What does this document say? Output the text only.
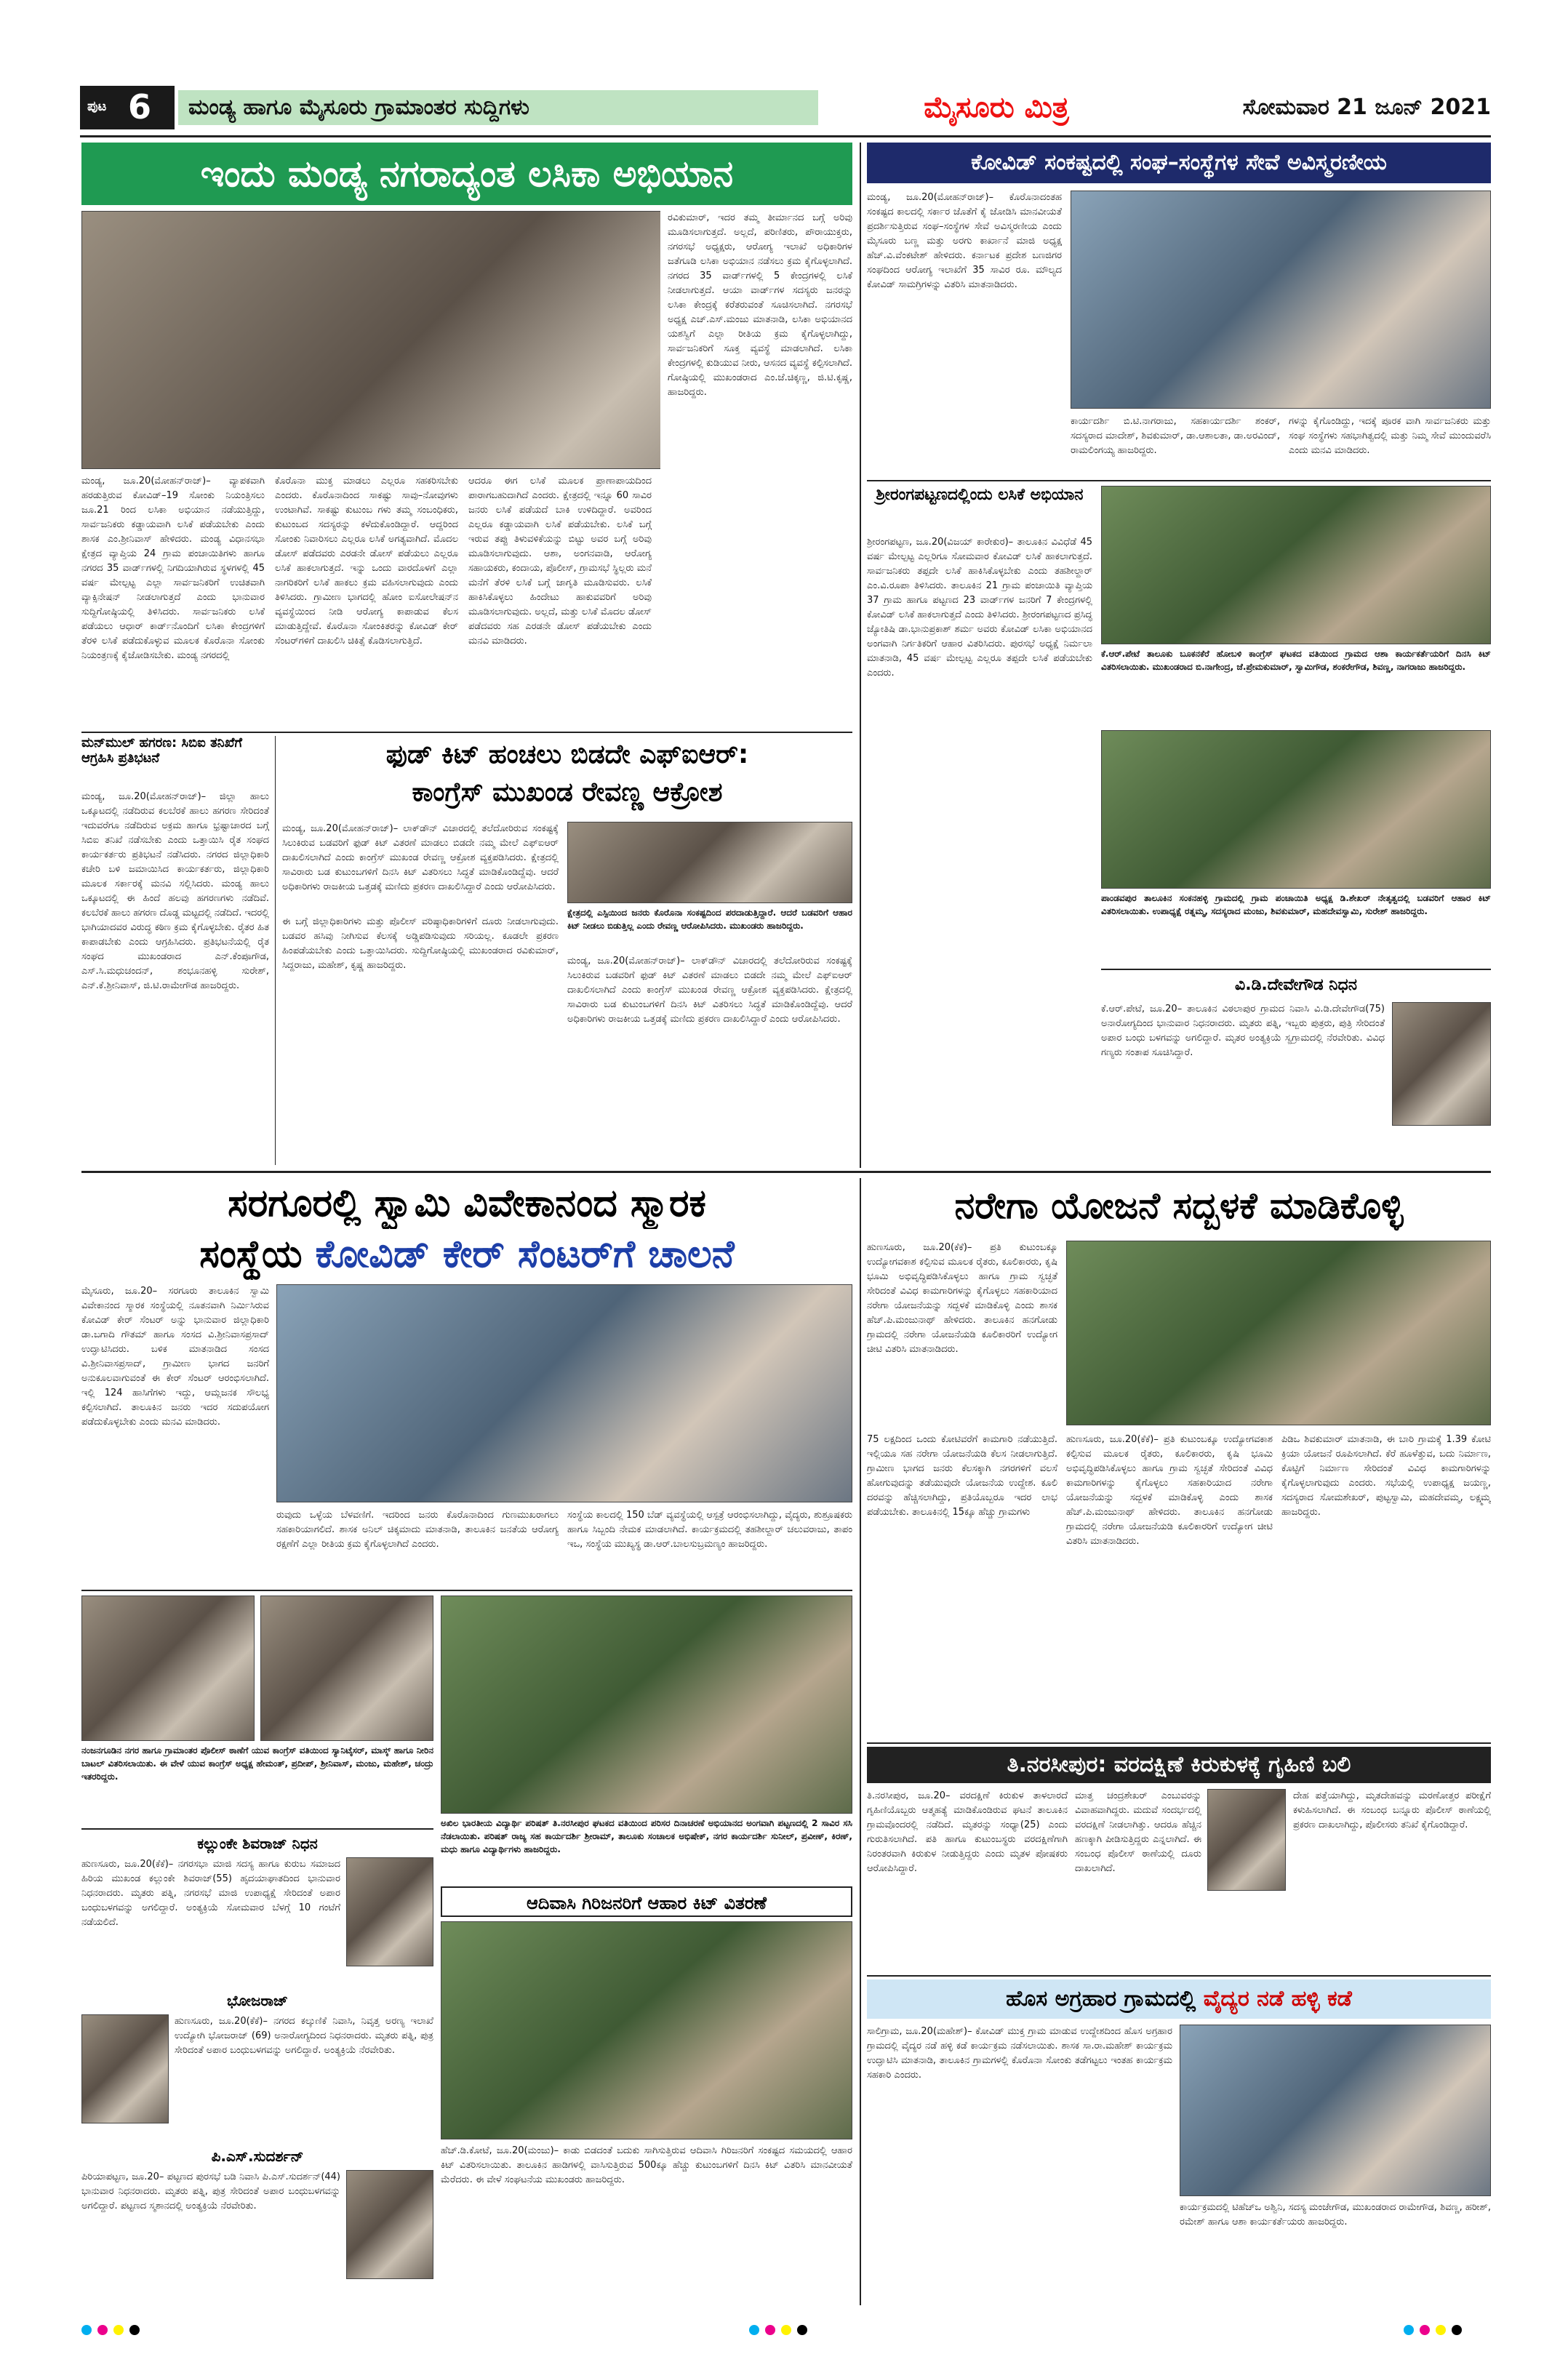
ಪುಟ 6	ಮಂಡ್ಯ ಹಾಗೂ ಮೈಸೂರು ಗ್ರಾಮಾಂತರ ಸುದ್ದಿಗಳು	ಮೈಸೂರು ಮಿತ್ರ	ಸೋಮವಾರ 21 ಜೂನ್ 2021
ಇಂದು ಮಂಡ್ಯ ನಗರಾದ್ಯಂತ ಲಸಿಕಾ ಅಭಿಯಾನ
ಮಂಡ್ಯ, ಜೂ.20(ಮೋಹನ್‌ರಾಜ್)– ವ್ಯಾಪಕವಾಗಿ ಹರಡುತ್ತಿರುವ ಕೋವಿಡ್–19 ಸೋಂಕು ನಿಯಂತ್ರಿಸಲು ಜೂ.21 ರಿಂದ ಲಸಿಕಾ ಅಭಿಯಾನ ನಡೆಯುತ್ತಿದ್ದು, ಸಾರ್ವಜನಿಕರು ಕಡ್ಡಾಯವಾಗಿ ಲಸಿಕೆ ಪಡೆಯಬೇಕು ಎಂದು ಶಾಸಕ ಎಂ.ಶ್ರೀನಿವಾಸ್ ಹೇಳಿದರು. ಮಂಡ್ಯ ವಿಧಾನಸಭಾ ಕ್ಷೇತ್ರದ ವ್ಯಾಪ್ತಿಯ 24 ಗ್ರಾಮ ಪಂಚಾಯಿತಿಗಳು ಹಾಗೂ ನಗರದ 35 ವಾರ್ಡ್‌ಗಳಲ್ಲಿ ನಿಗದಿಯಾಗಿರುವ ಸ್ಥಳಗಳಲ್ಲಿ 45 ವರ್ಷ ಮೇಲ್ಪಟ್ಟ ಎಲ್ಲಾ ಸಾರ್ವಜನಿಕರಿಗೆ ಉಚಿತವಾಗಿ ವ್ಯಾಕ್ಸಿನೇಷನ್ ನೀಡಲಾಗುತ್ತದೆ ಎಂದು ಭಾನುವಾರ ಸುದ್ದಿಗೋಷ್ಠಿಯಲ್ಲಿ ತಿಳಿಸಿದರು. ಸಾರ್ವಜನಿಕರು ಲಸಿಕೆ ಪಡೆಯಲು ಆಧಾರ್ ಕಾರ್ಡ್‌ನೊಂದಿಗೆ ಲಸಿಕಾ ಕೇಂದ್ರಗಳಿಗೆ ತೆರಳಿ ಲಸಿಕೆ ಪಡೆದುಕೊಳ್ಳುವ ಮೂಲಕ ಕೊರೊನಾ ಸೋಂಕು ನಿಯಂತ್ರಣಕ್ಕೆ ಕೈಜೋಡಿಸಬೇಕು. ಮಂಡ್ಯ ನಗರದಲ್ಲಿ
ಕೊರೊನಾ ಮುಕ್ತ ಮಾಡಲು ಎಲ್ಲರೂ ಸಹಕರಿಸಬೇಕು ಎಂದರು. ಕೊರೊನಾದಿಂದ ಸಾಕಷ್ಟು ಸಾವು–ನೋವುಗಳು ಉಂಟಾಗಿವೆ. ಸಾಕಷ್ಟು ಕುಟುಂಬ ಗಳು ತಮ್ಮ ಸಂಬಂಧಿಕರು, ಕುಟುಂಬದ ಸದಸ್ಯರನ್ನು ಕಳೆದುಕೊಂಡಿದ್ದಾರೆ. ಆದ್ದರಿಂದ ಸೋಂಕು ನಿವಾರಿಸಲು ಎಲ್ಲರೂ ಲಸಿಕೆ ಅಗತ್ಯವಾಗಿದೆ. ಮೊದಲ ಡೋಸ್ ಪಡೆದವರು ಎರಡನೇ ಡೋಸ್ ಪಡೆಯಲು ಎಲ್ಲರೂ ಲಸಿಕೆ ಹಾಕಲಾಗುತ್ತದೆ. ಇನ್ನು ಒಂದು ವಾರದೊಳಗೆ ಎಲ್ಲಾ ನಾಗರಿಕರಿಗೆ ಲಸಿಕೆ ಹಾಕಲು ಕ್ರಮ ವಹಿಸಲಾಗುವುದು ಎಂದು ತಿಳಿಸಿದರು. ಗ್ರಾಮೀಣ ಭಾಗದಲ್ಲಿ ಹೋಂ ಐಸೋಲೇಷನ್‌ನ ವ್ಯವಸ್ಥೆಯಿಂದ ನೀಡಿ ಆರೋಗ್ಯ ಕಾಪಾಡುವ ಕೆಲಸ ಮಾಡುತ್ತಿದ್ದೇವೆ. ಕೊರೊನಾ ಸೋಂಕಿತರನ್ನು ಕೋವಿಡ್ ಕೇರ್ ಸೆಂಟರ್‌ಗಳಿಗೆ ದಾಖಲಿಸಿ ಚಿಕಿತ್ಸೆ ಕೊಡಿಸಲಾಗುತ್ತಿದೆ.
ಆದರೂ ಈಗ ಲಸಿಕೆ ಮೂಲಕ ಪ್ರಾಣಾಪಾಯದಿಂದ ಪಾರಾಗಬಹುದಾಗಿದೆ ಎಂದರು. ಕ್ಷೇತ್ರದಲ್ಲಿ ಇನ್ನೂ 60 ಸಾವಿರ ಜನರು ಲಸಿಕೆ ಪಡೆಯದೆ ಬಾಕಿ ಉಳಿದಿದ್ದಾರೆ. ಅವರಿಂದ ಎಲ್ಲರೂ ಕಡ್ಡಾಯವಾಗಿ ಲಸಿಕೆ ಪಡೆಯಬೇಕು. ಲಸಿಕೆ ಬಗ್ಗೆ ಇರುವ ತಪ್ಪು ತಿಳುವಳಿಕೆಯನ್ನು ಬಿಟ್ಟು ಅವರ ಬಗ್ಗೆ ಅರಿವು ಮೂಡಿಸಲಾಗುವುದು. ಆಶಾ, ಅಂಗನವಾಡಿ, ಆರೋಗ್ಯ ಸಹಾಯಕರು, ಕಂದಾಯ, ಪೊಲೀಸ್, ಗ್ರಾಮಸಭೆ ಸ್ಥಿಲ್ಲರು ಮನೆ ಮನೆಗೆ ತೆರಳಿ ಲಸಿಕೆ ಬಗ್ಗೆ ಜಾಗೃತಿ ಮೂಡಿಸುವರು. ಲಸಿಕೆ ಹಾಕಿಸಿಕೊಳ್ಳಲು ಹಿಂದೇಟು ಹಾಕುವವರಿಗೆ ಅರಿವು ಮೂಡಿಸಲಾಗುವುದು. ಅಲ್ಲದೆ, ಮತ್ತು ಲಸಿಕೆ ಮೊದಲ ಡೋಸ್ ಪಡೆದವರು ಸಹ ಎರಡನೇ ಡೋಸ್ ಪಡೆಯಬೇಕು ಎಂದು ಮನವಿ ಮಾಡಿದರು.
ರವಿಕುಮಾರ್, ಇದರ ತಮ್ಮ ತೀರ್ಮಾನದ ಬಗ್ಗೆ ಅರಿವು ಮೂಡಿಸಲಾಗುತ್ತದೆ. ಅಲ್ಲದೆ, ಪರಿಣಿತರು, ಪೌರಾಯುಕ್ತರು, ನಗರಸಭೆ ಅಧ್ಯಕ್ಷರು, ಆರೋಗ್ಯ ಇಲಾಖೆ ಅಧಿಕಾರಿಗಳ ಜತೆಗೂಡಿ ಲಸಿಕಾ ಅಭಿಯಾನ ನಡೆಸಲು ಕ್ರಮ ಕೈಗೊಳ್ಳಲಾಗಿದೆ. ನಗರದ 35 ವಾರ್ಡ್‌ಗಳಲ್ಲಿ 5 ಕೇಂದ್ರಗಳಲ್ಲಿ ಲಸಿಕೆ ನೀಡಲಾಗುತ್ತದೆ. ಆಯಾ ವಾರ್ಡ್‌ಗಳ ಸದಸ್ಯರು ಜನರನ್ನು ಲಸಿಕಾ ಕೇಂದ್ರಕ್ಕೆ ಕರೆತರುವಂತೆ ಸೂಚಿಸಲಾಗಿದೆ. ನಗರಸಭೆ ಅಧ್ಯಕ್ಷ ಎಚ್.ಎಸ್.ಮಂಜು ಮಾತನಾಡಿ, ಲಸಿಕಾ ಅಭಿಯಾನದ ಯಶಸ್ವಿಗೆ ಎಲ್ಲಾ ರೀತಿಯ ಕ್ರಮ ಕೈಗೊಳ್ಳಲಾಗಿದ್ದು, ಸಾರ್ವಜನಿಕರಿಗೆ ಸೂಕ್ತ ವ್ಯವಸ್ಥೆ ಮಾಡಲಾಗಿದೆ. ಲಸಿಕಾ ಕೇಂದ್ರಗಳಲ್ಲಿ ಕುಡಿಯುವ ನೀರು, ಆಸನದ ವ್ಯವಸ್ಥೆ ಕಲ್ಪಿಸಲಾಗಿದೆ. ಗೋಷ್ಠಿಯಲ್ಲಿ ಮುಖಂಡರಾದ ಎಂ.ಜೆ.ಚಿಕ್ಕಣ್ಣ, ಜಿ.ಟಿ.ಕೃಷ್ಣ, ಹಾಜರಿದ್ದರು.
ಕೋವಿಡ್ ಸಂಕಷ್ಟದಲ್ಲಿ ಸಂಘ–ಸಂಸ್ಥೆಗಳ ಸೇವೆ ಅವಿಸ್ಮರಣೀಯ
ಮಂಡ್ಯ, ಜೂ.20(ಮೋಹನ್‌ರಾಜ್)– ಕೊರೊನಾದಂತಹ ಸಂಕಷ್ಟದ ಕಾಲದಲ್ಲಿ ಸರ್ಕಾರ ಜೊತೆಗೆ ಕೈ ಜೋಡಿಸಿ ಮಾನವೀಯತೆ ಪ್ರದರ್ಶಿಸುತ್ತಿರುವ ಸಂಘ–ಸಂಸ್ಥೆಗಳ ಸೇವೆ ಅವಿಸ್ಮರಣೀಯ ಎಂದು ಮೈಸೂರು ಬಣ್ಣ ಮತ್ತು ಅರಗು ಕಾರ್ಖಾನೆ ಮಾಜಿ ಅಧ್ಯಕ್ಷ ಹೆಚ್.ವಿ.ವೆಂಕಟೇಶ್ ಹೇಳಿದರು. ಕರ್ನಾಟಕ ಪ್ರದೇಶ ಬಣಜಿಗರ ಸಂಘದಿಂದ ಆರೋಗ್ಯ ಇಲಾಖೆಗೆ 35 ಸಾವಿರ ರೂ. ಮೌಲ್ಯದ ಕೋವಿಡ್ ಸಾಮಗ್ರಿಗಳನ್ನು ವಿತರಿಸಿ ಮಾತನಾಡಿದರು.
ಕಾರ್ಯದರ್ಶಿ ಬಿ.ಟಿ.ನಾಗರಾಜು, ಸಹಕಾರ್ಯದರ್ಶಿ ಶಂಕರ್, ಸದಸ್ಯರಾದ ಮಾದೇಶ್, ಶಿವಕುಮಾರ್, ಡಾ.ಆಶಾಲತಾ, ಡಾ.ಅರವಿಂದ್, ರಾಮಲಿಂಗಯ್ಯ ಹಾಜರಿದ್ದರು.
ಗಳನ್ನು ಕೈಗೊಂಡಿದ್ದು, ಇದಕ್ಕೆ ಪೂರಕ ವಾಗಿ ಸಾರ್ವಜನಿಕರು ಮತ್ತು ಸಂಘ ಸಂಸ್ಥೆಗಳು ಸಹಭಾಗಿತ್ವದಲ್ಲಿ ಮತ್ತು ನಿಮ್ಮ ಸೇವೆ ಮುಂದುವರೆಸಿ ಎಂದು ಮನವಿ ಮಾಡಿದರು.
ಶ್ರೀರಂಗಪಟ್ಟಣದಲ್ಲಿಂದು ಲಸಿಕೆ ಅಭಿಯಾನ
ಶ್ರೀರಂಗಪಟ್ಟಣ, ಜೂ.20(ವಿಜಯ್ ಕಾರೇಕುರ)– ತಾಲೂಕಿನ ವಿವಿಧೆಡೆ 45 ವರ್ಷ ಮೇಲ್ಪಟ್ಟ ಎಲ್ಲರಿಗೂ ಸೋಮವಾರ ಕೋವಿಡ್ ಲಸಿಕೆ ಹಾಕಲಾಗುತ್ತದೆ. ಸಾರ್ವಜನಿಕರು ತಪ್ಪದೇ ಲಸಿಕೆ ಹಾಕಿಸಿಕೊಳ್ಳಬೇಕು ಎಂದು ತಹಶೀಲ್ದಾರ್ ಎಂ.ವಿ.ರೂಪಾ ತಿಳಿಸಿದರು. ತಾಲೂಕಿನ 21 ಗ್ರಾಮ ಪಂಚಾಯಿತಿ ವ್ಯಾಪ್ತಿಯ 37 ಗ್ರಾಮ ಹಾಗೂ ಪಟ್ಟಣದ 23 ವಾರ್ಡ್‌ಗಳ ಜನರಿಗೆ 7 ಕೇಂದ್ರಗಳಲ್ಲಿ ಕೋವಿಡ್ ಲಸಿಕೆ ಹಾಕಲಾಗುತ್ತದೆ ಎಂದು ತಿಳಿಸಿದರು. ಶ್ರೀರಂಗಪಟ್ಟಣದ ಪ್ರಸಿದ್ಧ ಜ್ಯೋತಿಷಿ ಡಾ.ಭಾನುಪ್ರಕಾಶ್ ಶರ್ಮ ಅವರು ಕೋವಿಡ್ ಲಸಿಕಾ ಅಭಿಯಾನದ ಅಂಗವಾಗಿ ನಿರ್ಗತಿಕರಿಗೆ ಆಹಾರ ವಿತರಿಸಿದರು. ಪುರಸಭೆ ಅಧ್ಯಕ್ಷೆ ನಿರ್ಮಲಾ ಮಾತನಾಡಿ, 45 ವರ್ಷ ಮೇಲ್ಪಟ್ಟ ಎಲ್ಲರೂ ತಪ್ಪದೇ ಲಸಿಕೆ ಪಡೆಯಬೇಕು ಎಂದರು.
ಕೆ.ಆರ್.ಪೇಟೆ ತಾಲೂಕು ಬೂಕನಕೆರೆ ಹೋಬಳಿ ಕಾಂಗ್ರೆಸ್ ಘಟಕದ ವತಿಯಿಂದ ಗ್ರಾಮದ ಆಶಾ ಕಾರ್ಯಕರ್ತೆಯರಿಗೆ ದಿನಸಿ ಕಿಟ್ ವಿತರಿಸಲಾಯಿತು. ಮುಖಂಡರಾದ ಬಿ.ನಾಗೇಂದ್ರ, ಜೆ.ಪ್ರೇಮಕುಮಾರ್, ಸ್ವಾಮಿಗೌಡ, ಶಂಕರೇಗೌಡ, ಶಿವಣ್ಣ, ನಾಗರಾಜು ಹಾಜರಿದ್ದರು.
ಪಾಂಡವಪುರ ತಾಲೂಕಿನ ಸಂಕನಹಳ್ಳಿ ಗ್ರಾಮದಲ್ಲಿ ಗ್ರಾಮ ಪಂಚಾಯಿತಿ ಅಧ್ಯಕ್ಷ ಡಿ.ಶೇಖರ್ ನೇತೃತ್ವದಲ್ಲಿ ಬಡವರಿಗೆ ಆಹಾರ ಕಿಟ್ ವಿತರಿಸಲಾಯಿತು. ಉಪಾಧ್ಯಕ್ಷೆ ರತ್ನಮ್ಮ, ಸದಸ್ಯರಾದ ಮಂಜು, ಶಿವಕುಮಾರ್, ಮಹದೇವಸ್ವಾಮಿ, ಸುರೇಶ್ ಹಾಜರಿದ್ದರು.
ವಿ.ಡಿ.ದೇವೇಗೌಡ ನಿಧನ
ಕೆ.ಆರ್.ಪೇಟೆ, ಜೂ.20– ತಾಲೂಕಿನ ವಿಠಲಾಪುರ ಗ್ರಾಮದ ನಿವಾಸಿ ವಿ.ಡಿ.ದೇವೇಗೌಡ(75) ಅನಾರೋಗ್ಯದಿಂದ ಭಾನುವಾರ ನಿಧನರಾದರು. ಮೃತರು ಪತ್ನಿ, ಇಬ್ಬರು ಪುತ್ರರು, ಪುತ್ರಿ ಸೇರಿದಂತೆ ಅಪಾರ ಬಂಧು ಬಳಗವನ್ನು ಅಗಲಿದ್ದಾರೆ. ಮೃತರ ಅಂತ್ಯಕ್ರಿಯೆ ಸ್ವಗ್ರಾಮದಲ್ಲಿ ನೆರವೇರಿತು. ವಿವಿಧ ಗಣ್ಯರು ಸಂತಾಪ ಸೂಚಿಸಿದ್ದಾರೆ.
ಮನ್‌ಮುಲ್ ಹಗರಣ: ಸಿಬಿಐ ತನಿಖೆಗೆ ಆಗ್ರಹಿಸಿ ಪ್ರತಿಭಟನೆ
ಮಂಡ್ಯ, ಜೂ.20(ಮೋಹನ್‌ರಾಜ್)– ಜಿಲ್ಲಾ ಹಾಲು ಒಕ್ಕೂಟದಲ್ಲಿ ನಡೆದಿರುವ ಕಲಬೆರಕೆ ಹಾಲು ಹಗರಣ ಸೇರಿದಂತೆ ಇದುವರೆಗೂ ನಡೆದಿರುವ ಅಕ್ರಮ ಹಾಗೂ ಭ್ರಷ್ಟಾಚಾರದ ಬಗ್ಗೆ ಸಿಬಿಐ ತನಿಖೆ ನಡೆಸಬೇಕು ಎಂದು ಒತ್ತಾಯಿಸಿ ರೈತ ಸಂಘದ ಕಾರ್ಯಕರ್ತರು ಪ್ರತಿಭಟನೆ ನಡೆಸಿದರು. ನಗರದ ಜಿಲ್ಲಾಧಿಕಾರಿ ಕಚೇರಿ ಬಳಿ ಜಮಾಯಿಸಿದ ಕಾರ್ಯಕರ್ತರು, ಜಿಲ್ಲಾಧಿಕಾರಿ ಮೂಲಕ ಸರ್ಕಾರಕ್ಕೆ ಮನವಿ ಸಲ್ಲಿಸಿದರು. ಮಂಡ್ಯ ಹಾಲು ಒಕ್ಕೂಟದಲ್ಲಿ ಈ ಹಿಂದೆ ಹಲವು ಹಗರಣಗಳು ನಡೆದಿವೆ. ಕಲಬೆರಕೆ ಹಾಲು ಹಗರಣ ದೊಡ್ಡ ಮಟ್ಟದಲ್ಲಿ ನಡೆದಿದೆ. ಇದರಲ್ಲಿ ಭಾಗಿಯಾದವರ ವಿರುದ್ಧ ಕಠಿಣ ಕ್ರಮ ಕೈಗೊಳ್ಳಬೇಕು. ರೈತರ ಹಿತ ಕಾಪಾಡಬೇಕು ಎಂದು ಆಗ್ರಹಿಸಿದರು. ಪ್ರತಿಭಟನೆಯಲ್ಲಿ ರೈತ ಸಂಘದ ಮುಖಂಡರಾದ ಎನ್.ಕೆಂಪೂಗೌಡ, ಎಸ್.ಸಿ.ಮಧುಚಂದನ್, ಶಂಭೂನಹಳ್ಳಿ ಸುರೇಶ್, ಎನ್.ಕೆ.ಶ್ರೀನಿವಾಸ್, ಜಿ.ಟಿ.ರಾಮೇಗೌಡ ಹಾಜರಿದ್ದರು.
ಫುಡ್ ಕಿಟ್ ಹಂಚಲು ಬಿಡದೇ ಎಫ್‌ಐಆರ್:
ಕಾಂಗ್ರೆಸ್ ಮುಖಂಡ ರೇವಣ್ಣ ಆಕ್ರೋಶ
ಮಂಡ್ಯ, ಜೂ.20(ಮೋಹನ್‌ರಾಜ್)– ಲಾಕ್‌ಡೌನ್ ವಿಚಾರದಲ್ಲಿ ತಲೆದೋರಿರುವ ಸಂಕಷ್ಟಕ್ಕೆ ಸಿಲುಕಿರುವ ಬಡವರಿಗೆ ಫುಡ್ ಕಿಟ್ ವಿತರಣೆ ಮಾಡಲು ಬಿಡದೇ ನಮ್ಮ ಮೇಲೆ ಎಫ್‌ಐಆರ್ ದಾಖಲಿಸಲಾಗಿದೆ ಎಂದು ಕಾಂಗ್ರೆಸ್ ಮುಖಂಡ ರೇವಣ್ಣ ಆಕ್ರೋಶ ವ್ಯಕ್ತಪಡಿಸಿದರು. ಕ್ಷೇತ್ರದಲ್ಲಿ ಸಾವಿರಾರು ಬಡ ಕುಟುಂಬಗಳಿಗೆ ದಿನಸಿ ಕಿಟ್ ವಿತರಿಸಲು ಸಿದ್ಧತೆ ಮಾಡಿಕೊಂಡಿದ್ದೆವು. ಆದರೆ ಅಧಿಕಾರಿಗಳು ರಾಜಕೀಯ ಒತ್ತಡಕ್ಕೆ ಮಣಿದು ಪ್ರಕರಣ ದಾಖಲಿಸಿದ್ದಾರೆ ಎಂದು ಆರೋಪಿಸಿದರು.
ಕ್ಷೇತ್ರದಲ್ಲಿ ಎಸ್ಪಿಯಿಂದ ಜನರು ಕೊರೊನಾ ಸಂಕಷ್ಟದಿಂದ ಪರದಾಡುತ್ತಿದ್ದಾರೆ. ಆದರೆ ಬಡವರಿಗೆ ಆಹಾರ ಕಿಟ್ ನೀಡಲು ಬಿಡುತ್ತಿಲ್ಲ ಎಂದು ರೇವಣ್ಣ ಆರೋಪಿಸಿದರು. ಮುಖಂಡರು ಹಾಜರಿದ್ದರು.
ಈ ಬಗ್ಗೆ ಜಿಲ್ಲಾಧಿಕಾರಿಗಳು ಮತ್ತು ಪೊಲೀಸ್ ವರಿಷ್ಠಾಧಿಕಾರಿಗಳಿಗೆ ದೂರು ನೀಡಲಾಗುವುದು. ಬಡವರ ಹಸಿವು ನೀಗಿಸುವ ಕೆಲಸಕ್ಕೆ ಅಡ್ಡಿಪಡಿಸುವುದು ಸರಿಯಲ್ಲ. ಕೂಡಲೇ ಪ್ರಕರಣ ಹಿಂಪಡೆಯಬೇಕು ಎಂದು ಒತ್ತಾಯಿಸಿದರು. ಸುದ್ದಿಗೋಷ್ಠಿಯಲ್ಲಿ ಮುಖಂಡರಾದ ರವಿಕುಮಾರ್, ಸಿದ್ದರಾಜು, ಮಹೇಶ್, ಕೃಷ್ಣ ಹಾಜರಿದ್ದರು.	ಮಂಡ್ಯ, ಜೂ.20(ಮೋಹನ್‌ರಾಜ್)– ಲಾಕ್‌ಡೌನ್ ವಿಚಾರದಲ್ಲಿ ತಲೆದೋರಿರುವ ಸಂಕಷ್ಟಕ್ಕೆ ಸಿಲುಕಿರುವ ಬಡವರಿಗೆ ಫುಡ್ ಕಿಟ್ ವಿತರಣೆ ಮಾಡಲು ಬಿಡದೇ ನಮ್ಮ ಮೇಲೆ ಎಫ್‌ಐಆರ್ ದಾಖಲಿಸಲಾಗಿದೆ ಎಂದು ಕಾಂಗ್ರೆಸ್ ಮುಖಂಡ ರೇವಣ್ಣ ಆಕ್ರೋಶ ವ್ಯಕ್ತಪಡಿಸಿದರು. ಕ್ಷೇತ್ರದಲ್ಲಿ ಸಾವಿರಾರು ಬಡ ಕುಟುಂಬಗಳಿಗೆ ದಿನಸಿ ಕಿಟ್ ವಿತರಿಸಲು ಸಿದ್ಧತೆ ಮಾಡಿಕೊಂಡಿದ್ದೆವು. ಆದರೆ ಅಧಿಕಾರಿಗಳು ರಾಜಕೀಯ ಒತ್ತಡಕ್ಕೆ ಮಣಿದು ಪ್ರಕರಣ ದಾಖಲಿಸಿದ್ದಾರೆ ಎಂದು ಆರೋಪಿಸಿದರು.
ಸರಗೂರಲ್ಲಿ ಸ್ವಾಮಿ ವಿವೇಕಾನಂದ ಸ್ಮಾರಕ
ಸಂಸ್ಥೆಯ ಕೋವಿಡ್ ಕೇರ್ ಸೆಂಟರ್‌ಗೆ ಚಾಲನೆ
ಮೈಸೂರು, ಜೂ.20– ಸರಗೂರು ತಾಲೂಕಿನ ಸ್ವಾಮಿ ವಿವೇಕಾನಂದ ಸ್ಮಾರಕ ಸಂಸ್ಥೆಯಲ್ಲಿ ನೂತನವಾಗಿ ನಿರ್ಮಿಸಿರುವ ಕೋವಿಡ್ ಕೇರ್ ಸೆಂಟರ್ ಅನ್ನು ಭಾನುವಾರ ಜಿಲ್ಲಾಧಿಕಾರಿ ಡಾ.ಬಗಾದಿ ಗೌತಮ್ ಹಾಗೂ ಸಂಸದ ವಿ.ಶ್ರೀನಿವಾಸಪ್ರಸಾದ್ ಉದ್ಘಾಟಿಸಿದರು. ಬಳಿಕ ಮಾತನಾಡಿದ ಸಂಸದ ವಿ.ಶ್ರೀನಿವಾಸಪ್ರಸಾದ್, ಗ್ರಾಮೀಣ ಭಾಗದ ಜನರಿಗೆ ಅನುಕೂಲವಾಗುವಂತೆ ಈ ಕೇರ್ ಸೆಂಟರ್ ಆರಂಭಿಸಲಾಗಿದೆ. ಇಲ್ಲಿ 124 ಹಾಸಿಗೆಗಳು ಇದ್ದು, ಆಮ್ಲಜನಕ ಸೌಲಭ್ಯ ಕಲ್ಪಿಸಲಾಗಿದೆ. ತಾಲೂಕಿನ ಜನರು ಇದರ ಸದುಪಯೋಗ ಪಡೆದುಕೊಳ್ಳಬೇಕು ಎಂದು ಮನವಿ ಮಾಡಿದರು.
ರುವುದು ಒಳ್ಳೆಯ ಬೆಳವಣಿಗೆ. ಇದರಿಂದ ಜನರು ಕೊರೊನಾದಿಂದ ಗುಣಮುಖರಾಗಲು ಸಹಕಾರಿಯಾಗಲಿದೆ. ಶಾಸಕ ಅನಿಲ್ ಚಿಕ್ಕಮಾದು ಮಾತನಾಡಿ, ತಾಲೂಕಿನ ಜನತೆಯ ಆರೋಗ್ಯ ರಕ್ಷಣೆಗೆ ಎಲ್ಲಾ ರೀತಿಯ ಕ್ರಮ ಕೈಗೊಳ್ಳಲಾಗಿದೆ ಎಂದರು.
ಸಂಸ್ಥೆಯ ಕಾಲದಲ್ಲಿ 150 ಬೆಡ್ ವ್ಯವಸ್ಥೆಯಲ್ಲಿ ಆಸ್ಪತ್ರೆ ಆರಂಭಿಸಲಾಗಿದ್ದು, ವೈದ್ಯರು, ಶುಶ್ರೂಷಕರು ಹಾಗೂ ಸಿಬ್ಬಂದಿ ನೇಮಕ ಮಾಡಲಾಗಿದೆ. ಕಾರ್ಯಕ್ರಮದಲ್ಲಿ ತಹಶೀಲ್ದಾರ್ ಚಲುವರಾಜು, ತಾಪಂ ಇಒ, ಸಂಸ್ಥೆಯ ಮುಖ್ಯಸ್ಥ ಡಾ.ಆರ್.ಬಾಲಸುಬ್ರಮಣ್ಯಂ ಹಾಜರಿದ್ದರು.
ನರೇಗಾ ಯೋಜನೆ ಸದ್ಬಳಕೆ ಮಾಡಿಕೊಳ್ಳಿ
ಹುಣಸೂರು, ಜೂ.20(ಕೆಕೆ)– ಪ್ರತಿ ಕುಟುಂಬಕ್ಕೂ ಉದ್ಯೋಗವಕಾಶ ಕಲ್ಪಿಸುವ ಮೂಲಕ ರೈತರು, ಕೂಲಿಕಾರರು, ಕೃಷಿ ಭೂಮಿ ಅಭಿವೃದ್ಧಿಪಡಿಸಿಕೊಳ್ಳಲು ಹಾಗೂ ಗ್ರಾಮ ಸ್ವಚ್ಛತೆ ಸೇರಿದಂತೆ ವಿವಿಧ ಕಾಮಗಾರಿಗಳನ್ನು ಕೈಗೊಳ್ಳಲು ಸಹಕಾರಿಯಾದ ನರೇಗಾ ಯೋಜನೆಯನ್ನು ಸದ್ಬಳಕೆ ಮಾಡಿಕೊಳ್ಳಿ ಎಂದು ಶಾಸಕ ಹೆಚ್.ಪಿ.ಮಂಜುನಾಥ್ ಹೇಳಿದರು. ತಾಲೂಕಿನ ಹನಗೋಡು ಗ್ರಾಮದಲ್ಲಿ ನರೇಗಾ ಯೋಜನೆಯಡಿ ಕೂಲಿಕಾರರಿಗೆ ಉದ್ಯೋಗ ಚೀಟಿ ವಿತರಿಸಿ ಮಾತನಾಡಿದರು.
75 ಲಕ್ಷದಿಂದ ಒಂದು ಕೋಟಿವರೆಗೆ ಕಾಮಗಾರಿ ನಡೆಯುತ್ತಿದೆ. ಇಲ್ಲಿಯೂ ಸಹ ನರೇಗಾ ಯೋಜನೆಯಡಿ ಕೆಲಸ ನೀಡಲಾಗುತ್ತಿದೆ. ಗ್ರಾಮೀಣ ಭಾಗದ ಜನರು ಕೆಲಸಕ್ಕಾಗಿ ನಗರಗಳಿಗೆ ವಲಸೆ ಹೋಗುವುದನ್ನು ತಡೆಯುವುದೇ ಯೋಜನೆಯ ಉದ್ದೇಶ. ಕೂಲಿ ದರವನ್ನು ಹೆಚ್ಚಿಸಲಾಗಿದ್ದು, ಪ್ರತಿಯೊಬ್ಬರೂ ಇದರ ಲಾಭ ಪಡೆಯಬೇಕು. ತಾಲೂಕಿನಲ್ಲಿ 15ಕ್ಕೂ ಹೆಚ್ಚು ಗ್ರಾಮಗಳು
ಹುಣಸೂರು, ಜೂ.20(ಕೆಕೆ)– ಪ್ರತಿ ಕುಟುಂಬಕ್ಕೂ ಉದ್ಯೋಗವಕಾಶ ಕಲ್ಪಿಸುವ ಮೂಲಕ ರೈತರು, ಕೂಲಿಕಾರರು, ಕೃಷಿ ಭೂಮಿ ಅಭಿವೃದ್ಧಿಪಡಿಸಿಕೊಳ್ಳಲು ಹಾಗೂ ಗ್ರಾಮ ಸ್ವಚ್ಛತೆ ಸೇರಿದಂತೆ ವಿವಿಧ ಕಾಮಗಾರಿಗಳನ್ನು ಕೈಗೊಳ್ಳಲು ಸಹಕಾರಿಯಾದ ನರೇಗಾ ಯೋಜನೆಯನ್ನು ಸದ್ಬಳಕೆ ಮಾಡಿಕೊಳ್ಳಿ ಎಂದು ಶಾಸಕ ಹೆಚ್.ಪಿ.ಮಂಜುನಾಥ್ ಹೇಳಿದರು. ತಾಲೂಕಿನ ಹನಗೋಡು ಗ್ರಾಮದಲ್ಲಿ ನರೇಗಾ ಯೋಜನೆಯಡಿ ಕೂಲಿಕಾರರಿಗೆ ಉದ್ಯೋಗ ಚೀಟಿ ವಿತರಿಸಿ ಮಾತನಾಡಿದರು.
ಪಿಡಿಒ ಶಿವಕುಮಾರ್ ಮಾತನಾಡಿ, ಈ ಬಾರಿ ಗ್ರಾಮಕ್ಕೆ 1.39 ಕೋಟಿ ಕ್ರಿಯಾ ಯೋಜನೆ ರೂಪಿಸಲಾಗಿದೆ. ಕೆರೆ ಹೂಳೆತ್ತುವ, ಬದು ನಿರ್ಮಾಣ, ಕೊಟ್ಟಿಗೆ ನಿರ್ಮಾಣ ಸೇರಿದಂತೆ ವಿವಿಧ ಕಾಮಗಾರಿಗಳನ್ನು ಕೈಗೊಳ್ಳಲಾಗುವುದು ಎಂದರು. ಸಭೆಯಲ್ಲಿ ಉಪಾಧ್ಯಕ್ಷ ಜಯಣ್ಣ, ಸದಸ್ಯರಾದ ಸೋಮಶೇಖರ್, ಪುಟ್ಟಸ್ವಾಮಿ, ಮಹದೇವಮ್ಮ, ಲಕ್ಷ್ಮಮ್ಮ ಹಾಜರಿದ್ದರು.
ನಂಜನಗೂಡಿನ ನಗರ ಹಾಗೂ ಗ್ರಾಮಾಂತರ ಪೊಲೀಸ್ ಠಾಣೆಗೆ ಯುವ ಕಾಂಗ್ರೆಸ್ ವತಿಯಿಂದ ಸ್ಯಾನಿಟೈಸರ್, ಮಾಸ್ಕ್ ಹಾಗೂ ನೀರಿನ ಬಾಟಲ್ ವಿತರಿಸಲಾಯಿತು. ಈ ವೇಳೆ ಯುವ ಕಾಂಗ್ರೆಸ್ ಅಧ್ಯಕ್ಷ ಹೇಮಂತ್, ಪ್ರದೀಪ್, ಶ್ರೀನಿವಾಸ್, ಮಂಜು, ಮಹೇಶ್, ಚಂದ್ರು ಇತರರಿದ್ದರು.
ಅಖಿಲ ಭಾರತೀಯ ವಿದ್ಯಾರ್ಥಿ ಪರಿಷತ್ ತಿ.ನರಸೀಪುರ ಘಟಕದ ವತಿಯಿಂದ ಪರಿಸರ ದಿನಾಚರಣೆ ಅಭಿಯಾನದ ಅಂಗವಾಗಿ ಪಟ್ಟಣದಲ್ಲಿ 2 ಸಾವಿರ ಸಸಿ ನೆಡಲಾಯಿತು. ಪರಿಷತ್ ರಾಜ್ಯ ಸಹ ಕಾರ್ಯದರ್ಶಿ ಶ್ರೀರಾಮ್, ತಾಲೂಕು ಸಂಚಾಲಕ ಅಭಿಷೇಕ್, ನಗರ ಕಾರ್ಯದರ್ಶಿ ಸುನೀಲ್, ಪ್ರವೀಣ್, ಕಿರಣ್, ಮಧು ಹಾಗೂ ವಿದ್ಯಾರ್ಥಿಗಳು ಹಾಜರಿದ್ದರು.
ಕಲ್ಲುಂಕೇ ಶಿವರಾಜ್ ನಿಧನ
ಹುಣಸೂರು, ಜೂ.20(ಕೆಕೆ)– ನಗರಸಭಾ ಮಾಜಿ ಸದಸ್ಯ ಹಾಗೂ ಕುರುಬ ಸಮಾಜದ ಹಿರಿಯ ಮುಖಂಡ ಕಲ್ಲುಂಕೇ ಶಿವರಾಜ್(55) ಹೃದಯಾಘಾತದಿಂದ ಭಾನುವಾರ ನಿಧನರಾದರು. ಮೃತರು ಪತ್ನಿ, ನಗರಸಭೆ ಮಾಜಿ ಉಪಾಧ್ಯಕ್ಷೆ ಸೇರಿದಂತೆ ಅಪಾರ ಬಂಧುಬಳಗವನ್ನು ಅಗಲಿದ್ದಾರೆ. ಅಂತ್ಯಕ್ರಿಯೆ ಸೋಮವಾರ ಬೆಳಗ್ಗೆ 10 ಗಂಟೆಗೆ ನಡೆಯಲಿದೆ.
ಭೋಜರಾಜ್
ಹುಣಸೂರು, ಜೂ.20(ಕೆಕೆ)– ನಗರದ ಕಲ್ಕುಣಿಕೆ ನಿವಾಸಿ, ನಿವೃತ್ತ ಅರಣ್ಯ ಇಲಾಖೆ ಉದ್ಯೋಗಿ ಭೋಜರಾಜ್ (69) ಅನಾರೋಗ್ಯದಿಂದ ನಿಧನರಾದರು. ಮೃತರು ಪತ್ನಿ, ಪುತ್ರ ಸೇರಿದಂತೆ ಅಪಾರ ಬಂಧುಬಳಗವನ್ನು ಅಗಲಿದ್ದಾರೆ. ಅಂತ್ಯಕ್ರಿಯೆ ನೆರವೇರಿತು.
ಪಿ.ಎಸ್.ಸುದರ್ಶನ್
ಪಿರಿಯಾಪಟ್ಟಣ, ಜೂ.20– ಪಟ್ಟಣದ ಪುರಸಭೆ ಬಡಿ ನಿವಾಸಿ ಪಿ.ಎಸ್.ಸುದರ್ಶನ್(44) ಭಾನುವಾರ ನಿಧನರಾದರು. ಮೃತರು ಪತ್ನಿ, ಪುತ್ರ ಸೇರಿದಂತೆ ಅಪಾರ ಬಂಧುಬಳಗವನ್ನು ಅಗಲಿದ್ದಾರೆ. ಪಟ್ಟಣದ ಸ್ಮಶಾನದಲ್ಲಿ ಅಂತ್ಯಕ್ರಿಯೆ ನೆರವೇರಿತು.
ಆದಿವಾಸಿ ಗಿರಿಜನರಿಗೆ ಆಹಾರ ಕಿಟ್ ವಿತರಣೆ
ಹೆಚ್.ಡಿ.ಕೋಟೆ, ಜೂ.20(ಮಂಜು)– ಕಾಡು ಬಿಡದಂತೆ ಬದುಕು ಸಾಗಿಸುತ್ತಿರುವ ಆದಿವಾಸಿ ಗಿರಿಜನರಿಗೆ ಸಂಕಷ್ಟದ ಸಮಯದಲ್ಲಿ ಆಹಾರ ಕಿಟ್ ವಿತರಿಸಲಾಯಿತು. ತಾಲೂಕಿನ ಹಾಡಿಗಳಲ್ಲಿ ವಾಸಿಸುತ್ತಿರುವ 500ಕ್ಕೂ ಹೆಚ್ಚು ಕುಟುಂಬಗಳಿಗೆ ದಿನಸಿ ಕಿಟ್ ವಿತರಿಸಿ ಮಾನವೀಯತೆ ಮೆರೆದರು. ಈ ವೇಳೆ ಸಂಘಟನೆಯ ಮುಖಂಡರು ಹಾಜರಿದ್ದರು.
ತಿ.ನರಸೀಪುರ: ವರದಕ್ಷಿಣೆ ಕಿರುಕುಳಕ್ಕೆ ಗೃಹಿಣಿ ಬಲಿ
ತಿ.ನರಸೀಪುರ, ಜೂ.20– ವರದಕ್ಷಿಣೆ ಕಿರುಕುಳ ತಾಳಲಾರದೆ ಗೃಹಿಣಿಯೊಬ್ಬರು ಆತ್ಮಹತ್ಯೆ ಮಾಡಿಕೊಂಡಿರುವ ಘಟನೆ ತಾಲೂಕಿನ ಗ್ರಾಮವೊಂದರಲ್ಲಿ ನಡೆದಿದೆ. ಮೃತರನ್ನು ಸಂಧ್ಯಾ(25) ಎಂದು ಗುರುತಿಸಲಾಗಿದೆ. ಪತಿ ಹಾಗೂ ಕುಟುಂಬಸ್ಥರು ವರದಕ್ಷಿಣೆಗಾಗಿ ನಿರಂತರವಾಗಿ ಕಿರುಕುಳ ನೀಡುತ್ತಿದ್ದರು ಎಂದು ಮೃತಳ ಪೋಷಕರು ಆರೋಪಿಸಿದ್ದಾರೆ.
ಮಾತ್ತ ಚಂದ್ರಶೇಖರ್ ಎಂಬುವರನ್ನು ವಿವಾಹವಾಗಿದ್ದರು. ಮದುವೆ ಸಂದರ್ಭದಲ್ಲಿ ವರದಕ್ಷಿಣೆ ನೀಡಲಾಗಿತ್ತು. ಆದರೂ ಹೆಚ್ಚಿನ ಹಣಕ್ಕಾಗಿ ಪೀಡಿಸುತ್ತಿದ್ದರು ಎನ್ನಲಾಗಿದೆ. ಈ ಸಂಬಂಧ ಪೊಲೀಸ್ ಠಾಣೆಯಲ್ಲಿ ದೂರು ದಾಖಲಾಗಿದೆ.
ದೇಹ ಪತ್ತೆಯಾಗಿದ್ದು, ಮೃತದೇಹವನ್ನು ಮರಣೋತ್ತರ ಪರೀಕ್ಷೆಗೆ ಕಳುಹಿಸಲಾಗಿದೆ. ಈ ಸಂಬಂಧ ಬನ್ನೂರು ಪೊಲೀಸ್ ಠಾಣೆಯಲ್ಲಿ ಪ್ರಕರಣ ದಾಖಲಾಗಿದ್ದು, ಪೊಲೀಸರು ತನಿಖೆ ಕೈಗೊಂಡಿದ್ದಾರೆ.
ಹೊಸ ಅಗ್ರಹಾರ ಗ್ರಾಮದಲ್ಲಿ ವೈದ್ಯರ ನಡೆ ಹಳ್ಳಿ ಕಡೆ
ಸಾಲಿಗ್ರಾಮ, ಜೂ.20(ಮಹೇಶ್)– ಕೋವಿಡ್ ಮುಕ್ತ ಗ್ರಾಮ ಮಾಡುವ ಉದ್ದೇಶದಿಂದ ಹೊಸ ಅಗ್ರಹಾರ ಗ್ರಾಮದಲ್ಲಿ ವೈದ್ಯರ ನಡೆ ಹಳ್ಳಿ ಕಡೆ ಕಾರ್ಯಕ್ರಮ ನಡೆಸಲಾಯಿತು. ಶಾಸಕ ಸಾ.ರಾ.ಮಹೇಶ್ ಕಾರ್ಯಕ್ರಮ ಉದ್ಘಾಟಿಸಿ ಮಾತನಾಡಿ, ತಾಲೂಕಿನ ಗ್ರಾಮಗಳಲ್ಲಿ ಕೊರೊನಾ ಸೋಂಕು ತಡೆಗಟ್ಟಲು ಇಂತಹ ಕಾರ್ಯಕ್ರಮ ಸಹಕಾರಿ ಎಂದರು.
ಕಾರ್ಯಕ್ರಮದಲ್ಲಿ ಟಿಹೆಚ್‌ಒ ಅಶ್ವಿನಿ, ಸದಸ್ಯ ಮಂಜೇಗೌಡ, ಮುಖಂಡರಾದ ರಾಮೇಗೌಡ, ಶಿವಣ್ಣ, ಹರೀಶ್, ರಮೇಶ್ ಹಾಗೂ ಆಶಾ ಕಾರ್ಯಕರ್ತೆಯರು ಹಾಜರಿದ್ದರು.
